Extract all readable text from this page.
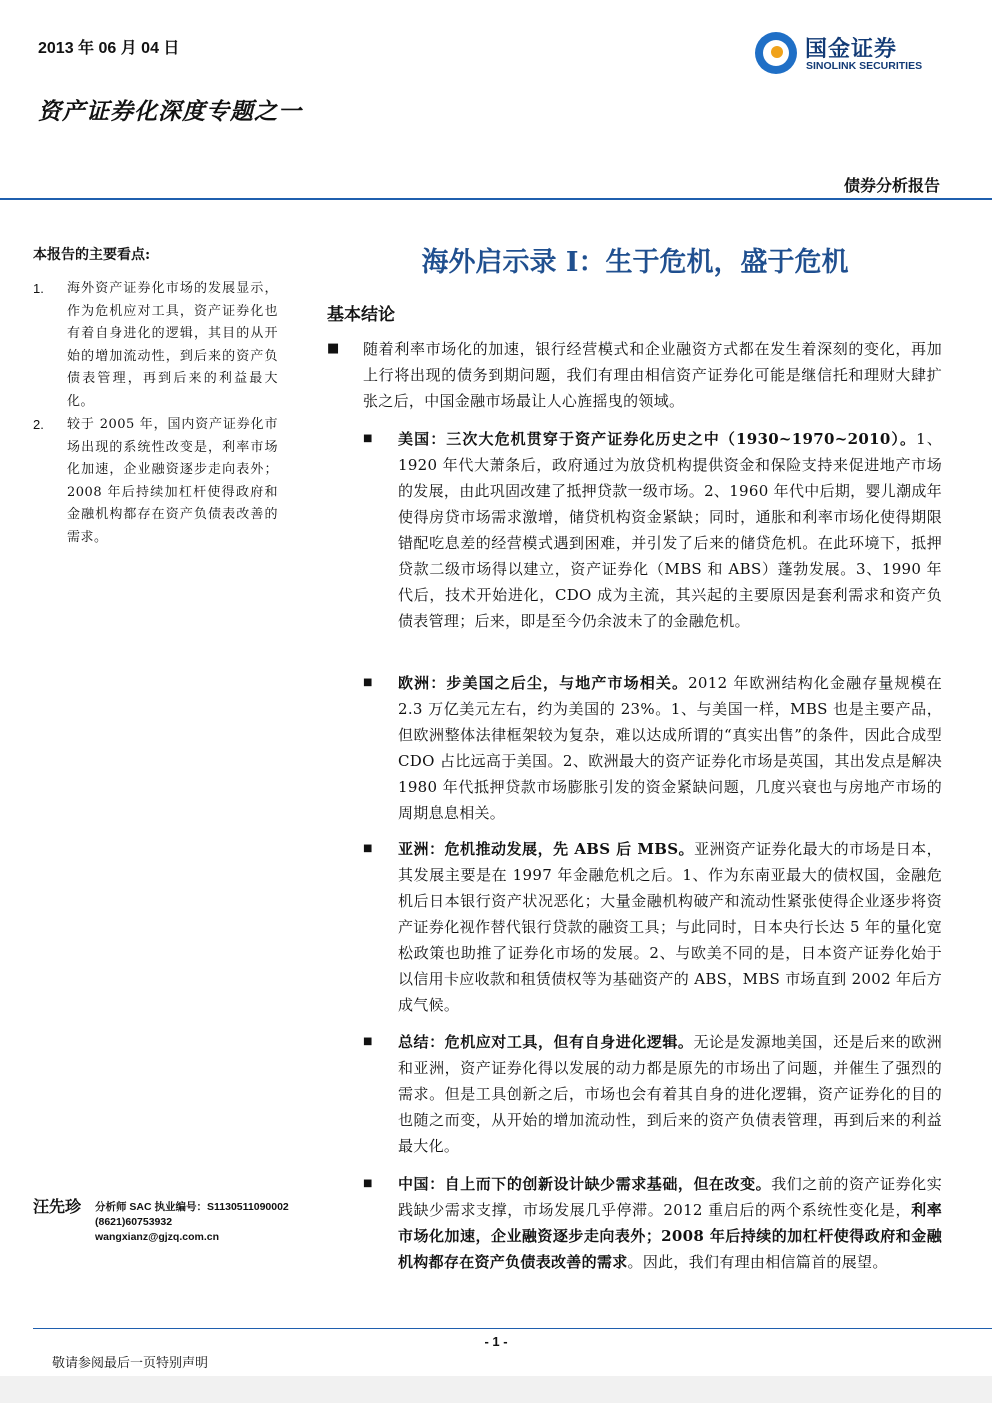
2013 年 06 月 04 日	国金证券
SINOLINK SECURITIES
资产证券化深度专题之一
债券分析报告
本报告的主要看点:
1.	海外资产证券化市场的发展显示，作为危机应对工具，资产证券化也有着自身进化的逻辑，其目的从开始的增加流动性，到后来的资产负债表管理，再到后来的利益最大化。
2.	较于 2005 年，国内资产证券化市场出现的系统性改变是，利率市场化加速，企业融资逐步走向表外；2008 年后持续加杠杆使得政府和金融机构都存在资产负债表改善的需求。
汪先珍 分析师 SAC 执业编号：S1130511090002
(8621)60753932
wangxianz@gjzq.com.cn
海外启示录 I：生于危机，盛于危机
基本结论
■	随着利率市场化的加速，银行经营模式和企业融资方式都在发生着深刻的变化，再加上行将出现的债务到期问题，我们有理由相信资产证券化可能是继信托和理财大肆扩张之后，中国金融市场最让人心旌摇曳的领域。
■	美国：三次大危机贯穿于资产证券化历史之中（1930~1970~2010）。1、1920 年代大萧条后，政府通过为放贷机构提供资金和保险支持来促进地产市场的发展，由此巩固改建了抵押贷款一级市场。2、1960 年代中后期，婴儿潮成年使得房贷市场需求激增，储贷机构资金紧缺；同时，通胀和利率市场化使得期限错配吃息差的经营模式遇到困难，并引发了后来的储贷危机。在此环境下，抵押贷款二级市场得以建立，资产证券化（MBS 和 ABS）蓬勃发展。3、1990 年代后，技术开始进化，CDO 成为主流，其兴起的主要原因是套利需求和资产负债表管理；后来，即是至今仍余波未了的金融危机。
■	欧洲：步美国之后尘，与地产市场相关。2012 年欧洲结构化金融存量规模在 2.3 万亿美元左右，约为美国的 23%。1、与美国一样，MBS 也是主要产品，但欧洲整体法律框架较为复杂，难以达成所谓的“真实出售”的条件，因此合成型 CDO 占比远高于美国。2、欧洲最大的资产证券化市场是英国，其出发点是解决 1980 年代抵押贷款市场膨胀引发的资金紧缺问题，几度兴衰也与房地产市场的周期息息相关。
■	亚洲：危机推动发展，先 ABS 后 MBS。亚洲资产证券化最大的市场是日本，其发展主要是在 1997 年金融危机之后。1、作为东南亚最大的债权国，金融危机后日本银行资产状况恶化；大量金融机构破产和流动性紧张使得企业逐步将资产证券化视作替代银行贷款的融资工具；与此同时，日本央行长达 5 年的量化宽松政策也助推了证券化市场的发展。2、与欧美不同的是，日本资产证券化始于以信用卡应收款和租赁债权等为基础资产的 ABS，MBS 市场直到 2002 年后方成气候。
■	总结：危机应对工具，但有自身进化逻辑。无论是发源地美国，还是后来的欧洲和亚洲，资产证券化得以发展的动力都是原先的市场出了问题，并催生了强烈的需求。但是工具创新之后，市场也会有着其自身的进化逻辑，资产证券化的目的也随之而变，从开始的增加流动性，到后来的资产负债表管理，再到后来的利益最大化。
■	中国：自上而下的创新设计缺少需求基础，但在改变。我们之前的资产证券化实践缺少需求支撑，市场发展几乎停滞。2012 重启后的两个系统性变化是，利率市场化加速，企业融资逐步走向表外；2008 年后持续的加杠杆使得政府和金融机构都存在资产负债表改善的需求。因此，我们有理由相信篇首的展望。
- 1 -
敬请参阅最后一页特别声明
